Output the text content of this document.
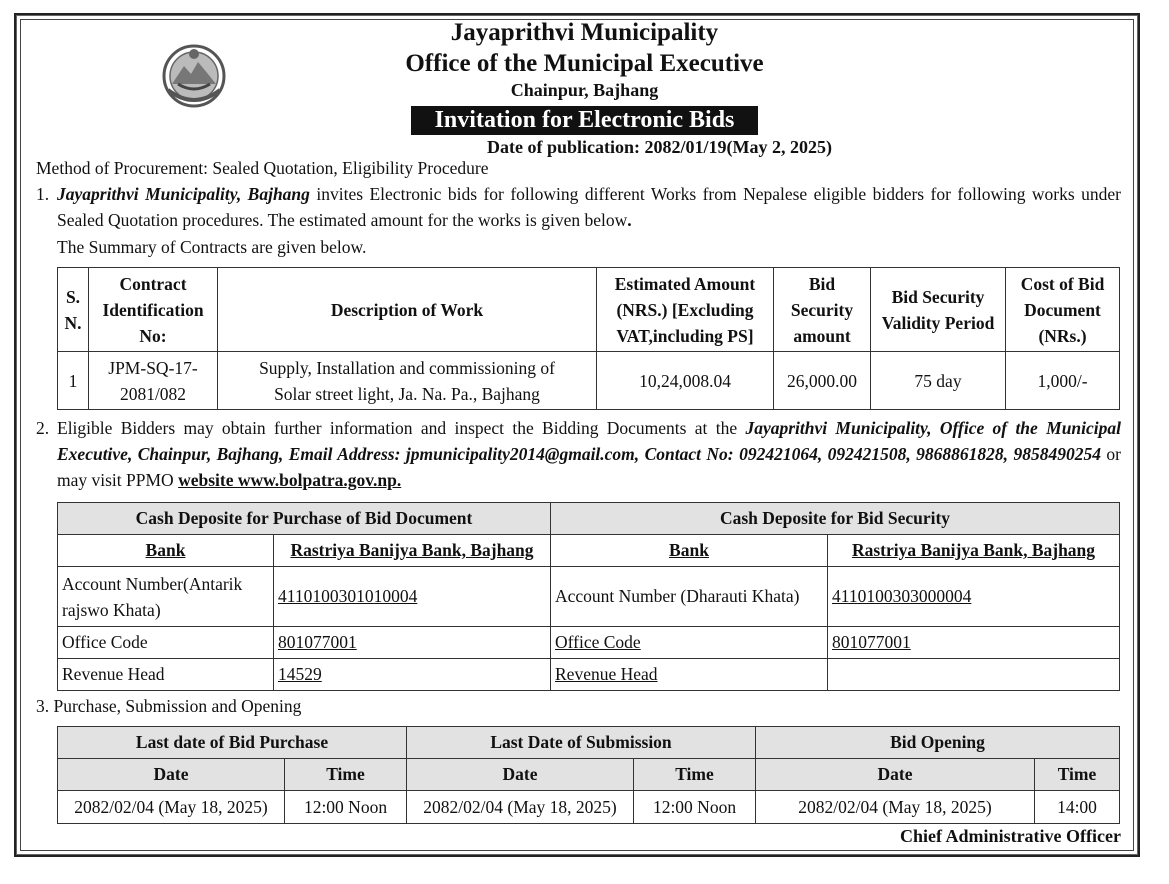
Jayaprithvi Municipality
Office of the Municipal Executive
Chainpur, Bajhang
Invitation for Electronic Bids
Date of publication: 2082/01/19(May 2, 2025)
Method of Procurement: Sealed Quotation, Eligibility Procedure
1. Jayaprithvi Municipality, Bajhang invites Electronic bids for following different Works from Nepalese eligible bidders for following works under Sealed Quotation procedures. The estimated amount for the works is given below.
The Summary of Contracts are given below.
S. N.	Contract Identification No:	Description of Work	Estimated Amount (NRS.) [Excluding VAT,including PS]	Bid Security amount	Bid Security Validity Period	Cost of Bid Document (NRs.)
1	JPM-SQ-17-2081/082	Supply, Installation and commissioning of Solar street light, Ja. Na. Pa., Bajhang	10,24,008.04	26,000.00	75 day	1,000/-
2. Eligible Bidders may obtain further information and inspect the Bidding Documents at the Jayaprithvi Municipality, Office of the Municipal Executive, Chainpur, Bajhang, Email Address: jpmunicipality2014@gmail.com, Contact No: 092421064, 092421508, 9868861828, 9858490254 or may visit PPMO website www.bolpatra.gov.np.
Cash Deposite for Purchase of Bid Document		Cash Deposite for Bid Security	
Bank	Rastriya Banijya Bank, Bajhang	Bank	Rastriya Banijya Bank, Bajhang
Account Number(Antarik rajswo Khata)	4110100301010004	Account Number (Dharauti Khata)	4110100303000004
Office Code	801077001	Office Code	801077001
Revenue Head	14529	Revenue Head	
3. Purchase, Submission and Opening
Last date of Bid Purchase		Last Date of Submission		Bid Opening	
Date	Time	Date	Time	Date	Time
2082/02/04 (May 18, 2025)	12:00 Noon	2082/02/04 (May 18, 2025)	12:00 Noon	2082/02/04 (May 18, 2025)	14:00
Chief Administrative Officer
